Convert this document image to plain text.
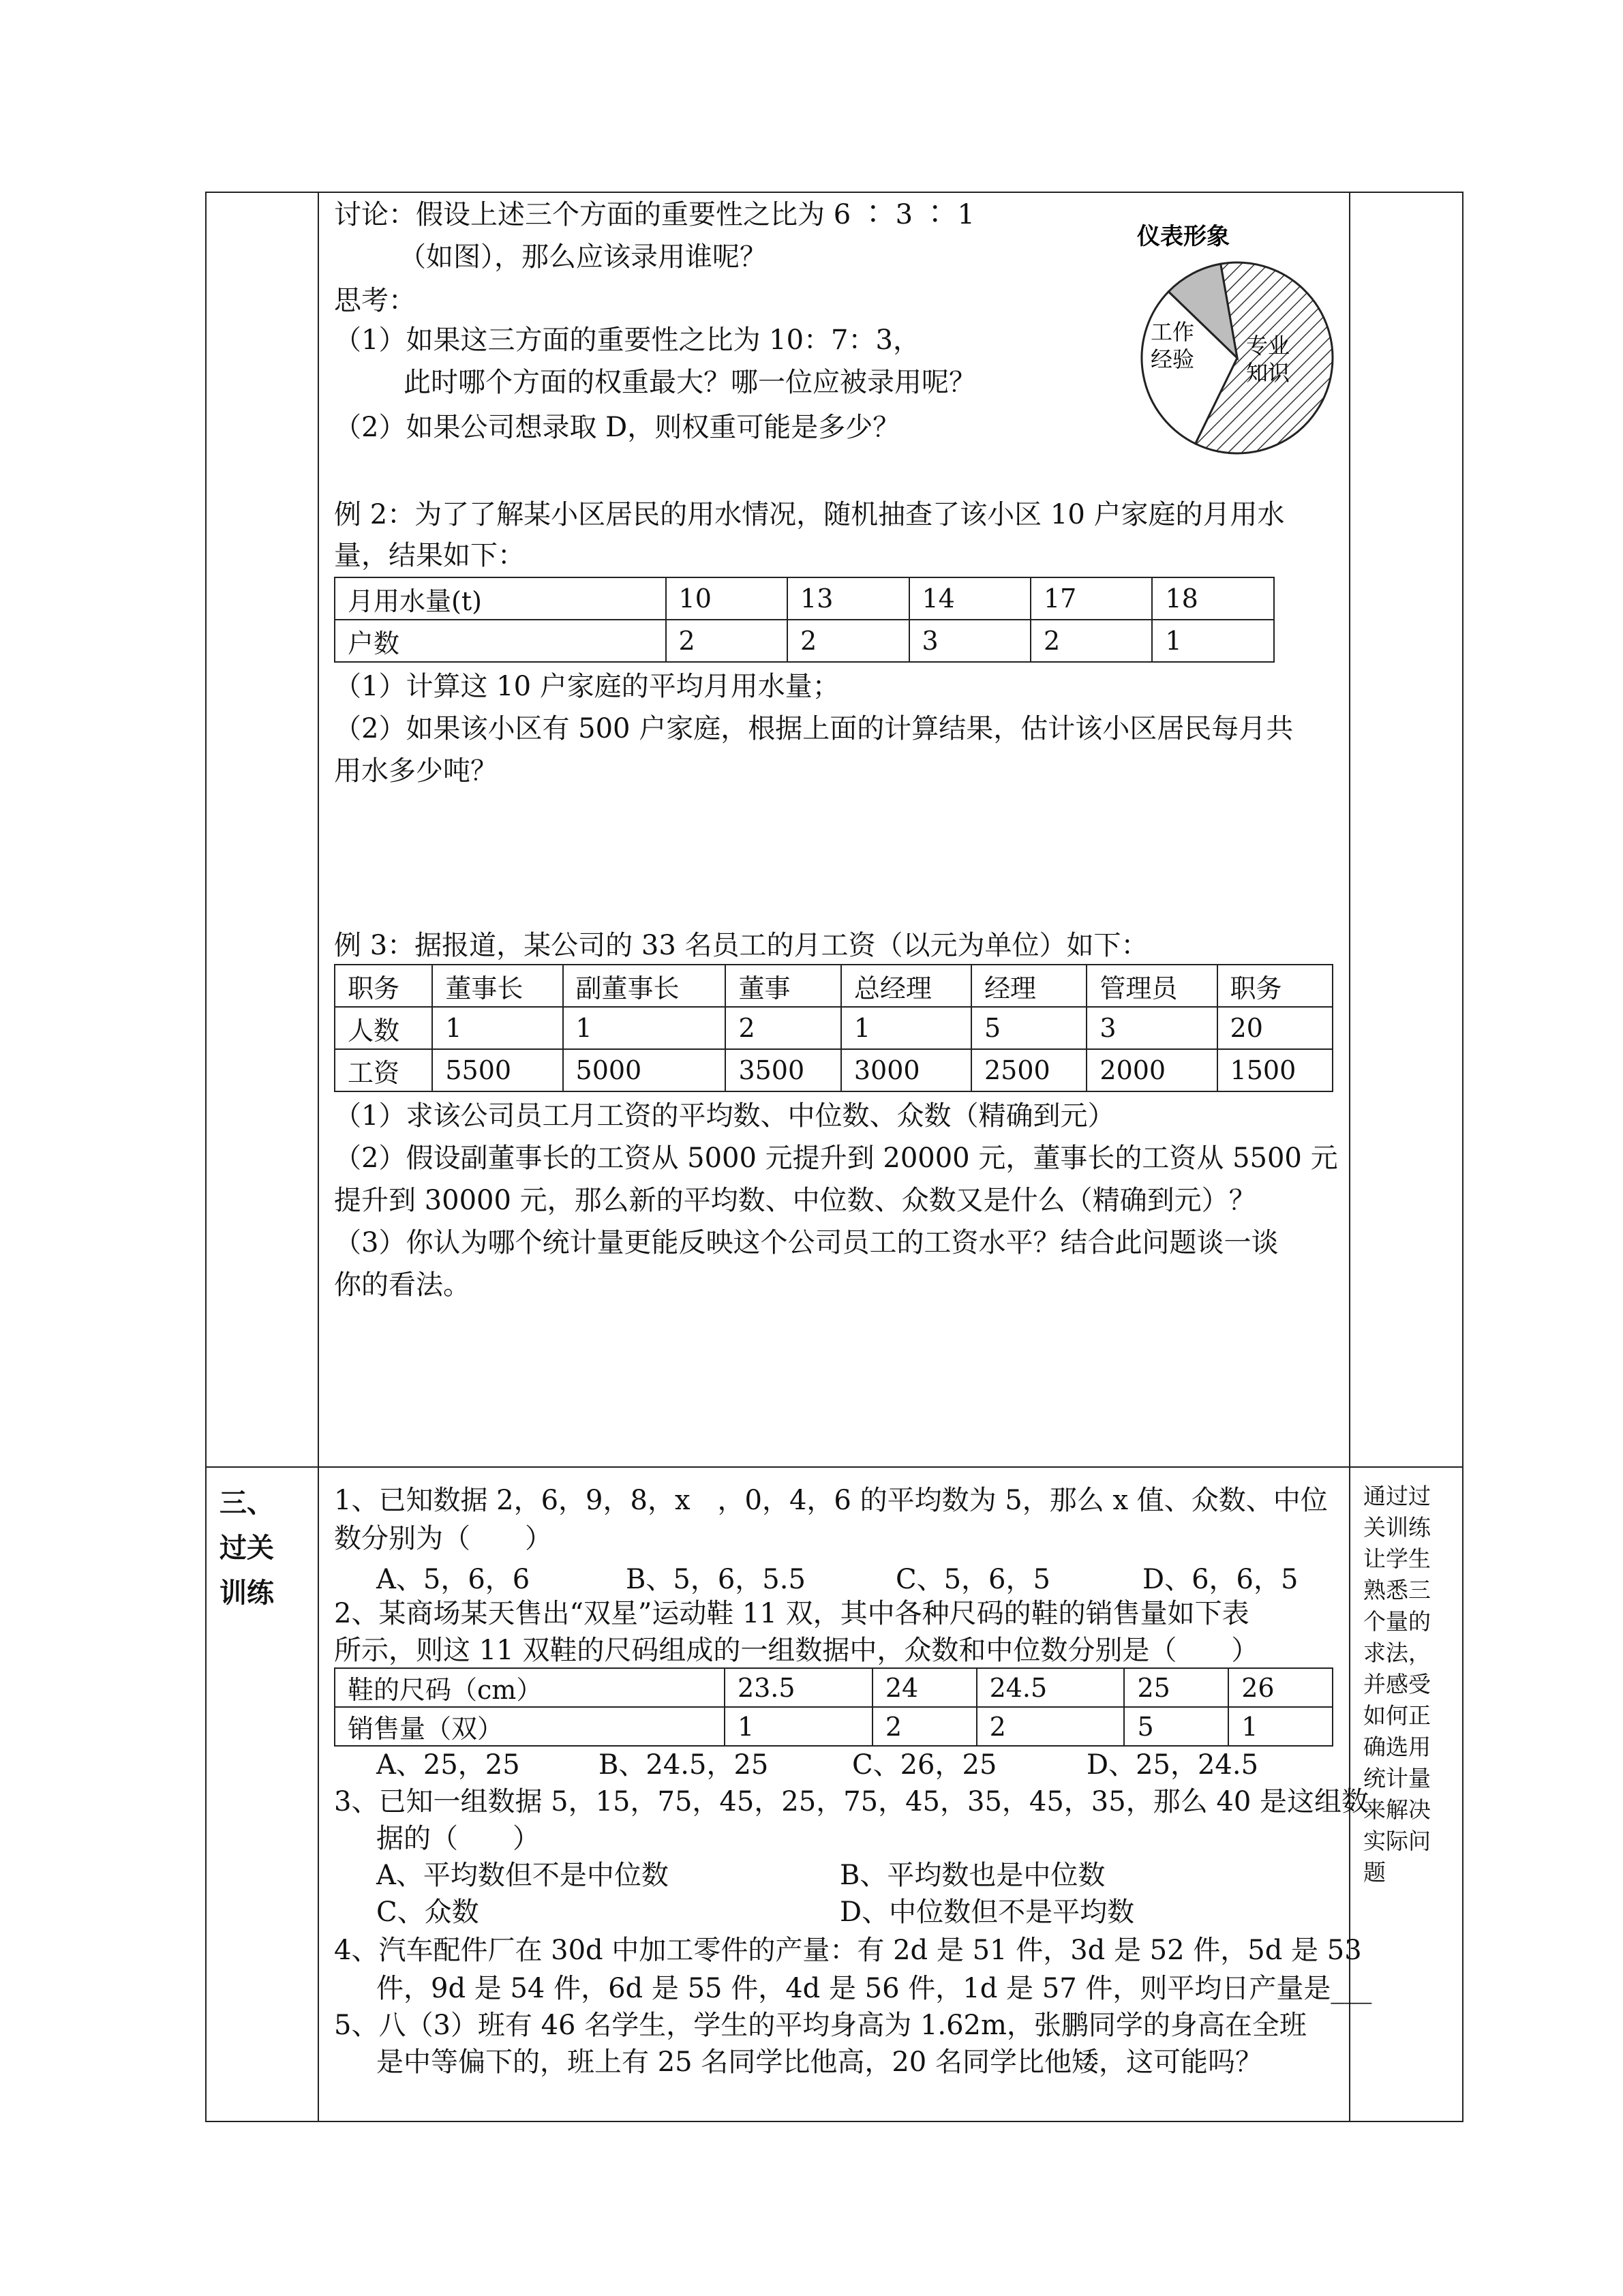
讨论：假设上述三个方面的重要性之比为 6 ∶ 3 ∶ 1
（如图），那么应该录用谁呢？
思考：
（1）如果这三方面的重要性之比为 10：7：3，
此时哪个方面的权重最大？哪一位应被录用呢？
（2）如果公司想录取 D，则权重可能是多少？
仪表形象
工作
经验
专业
知识
例 2：为了了解某小区居民的用水情况，随机抽查了该小区 10 户家庭的月用水
量，结果如下：
月用水量(t)	10	13	14	17	18
户数	2	2	3	2	1
（1）计算这 10 户家庭的平均月用水量；
（2）如果该小区有 500 户家庭，根据上面的计算结果，估计该小区居民每月共
用水多少吨？
例 3：据报道，某公司的 33 名员工的月工资（以元为单位）如下：
职务	董事长	副董事长	董事	总经理	经理	管理员	职务
人数	1	1	2	1	5	3	20
工资	5500	5000	3500	3000	2500	2000	1500
（1）求该公司员工月工资的平均数、中位数、众数（精确到元）
（2）假设副董事长的工资从 5000 元提升到 20000 元，董事长的工资从 5500 元
提升到 30000 元，那么新的平均数、中位数、众数又是什么（精确到元）？
（3）你认为哪个统计量更能反映这个公司员工的工资水平？结合此问题谈一谈
你的看法。
三、
过关
训练
通过过
关训练
让学生
熟悉三
个量的
求法，
并感受
如何正
确选用
统计量
来解决
实际问
题
1、已知数据 2，6，9，8，x　，0，4，6 的平均数为 5，那么 x 值、众数、中位
数分别为（　　）
A、5，6，6	B、5，6，5.5	C、5，6，5	D、6，6，5
2、某商场某天售出“双星”运动鞋 11 双，其中各种尺码的鞋的销售量如下表
所示，则这 11 双鞋的尺码组成的一组数据中，众数和中位数分别是（　　）
鞋的尺码（cm）	23.5	24	24.5	25	26
销售量（双）	1	2	2	5	1
A、25，25	B、24.5，25	C、26，25	D、25，24.5
3、已知一组数据 5，15，75，45，25，75，45，35，45，35，那么 40 是这组数
据的（　　）
A、平均数但不是中位数	B、平均数也是中位数
C、众数	D、中位数但不是平均数
4、汽车配件厂在 30d 中加工零件的产量：有 2d 是 51 件，3d 是 52 件，5d 是 53
件，9d 是 54 件，6d 是 55 件，4d 是 56 件，1d 是 57 件，则平均日产量是___
5、八（3）班有 46 名学生，学生的平均身高为 1.62m，张鹏同学的身高在全班
是中等偏下的，班上有 25 名同学比他高，20 名同学比他矮，这可能吗？
